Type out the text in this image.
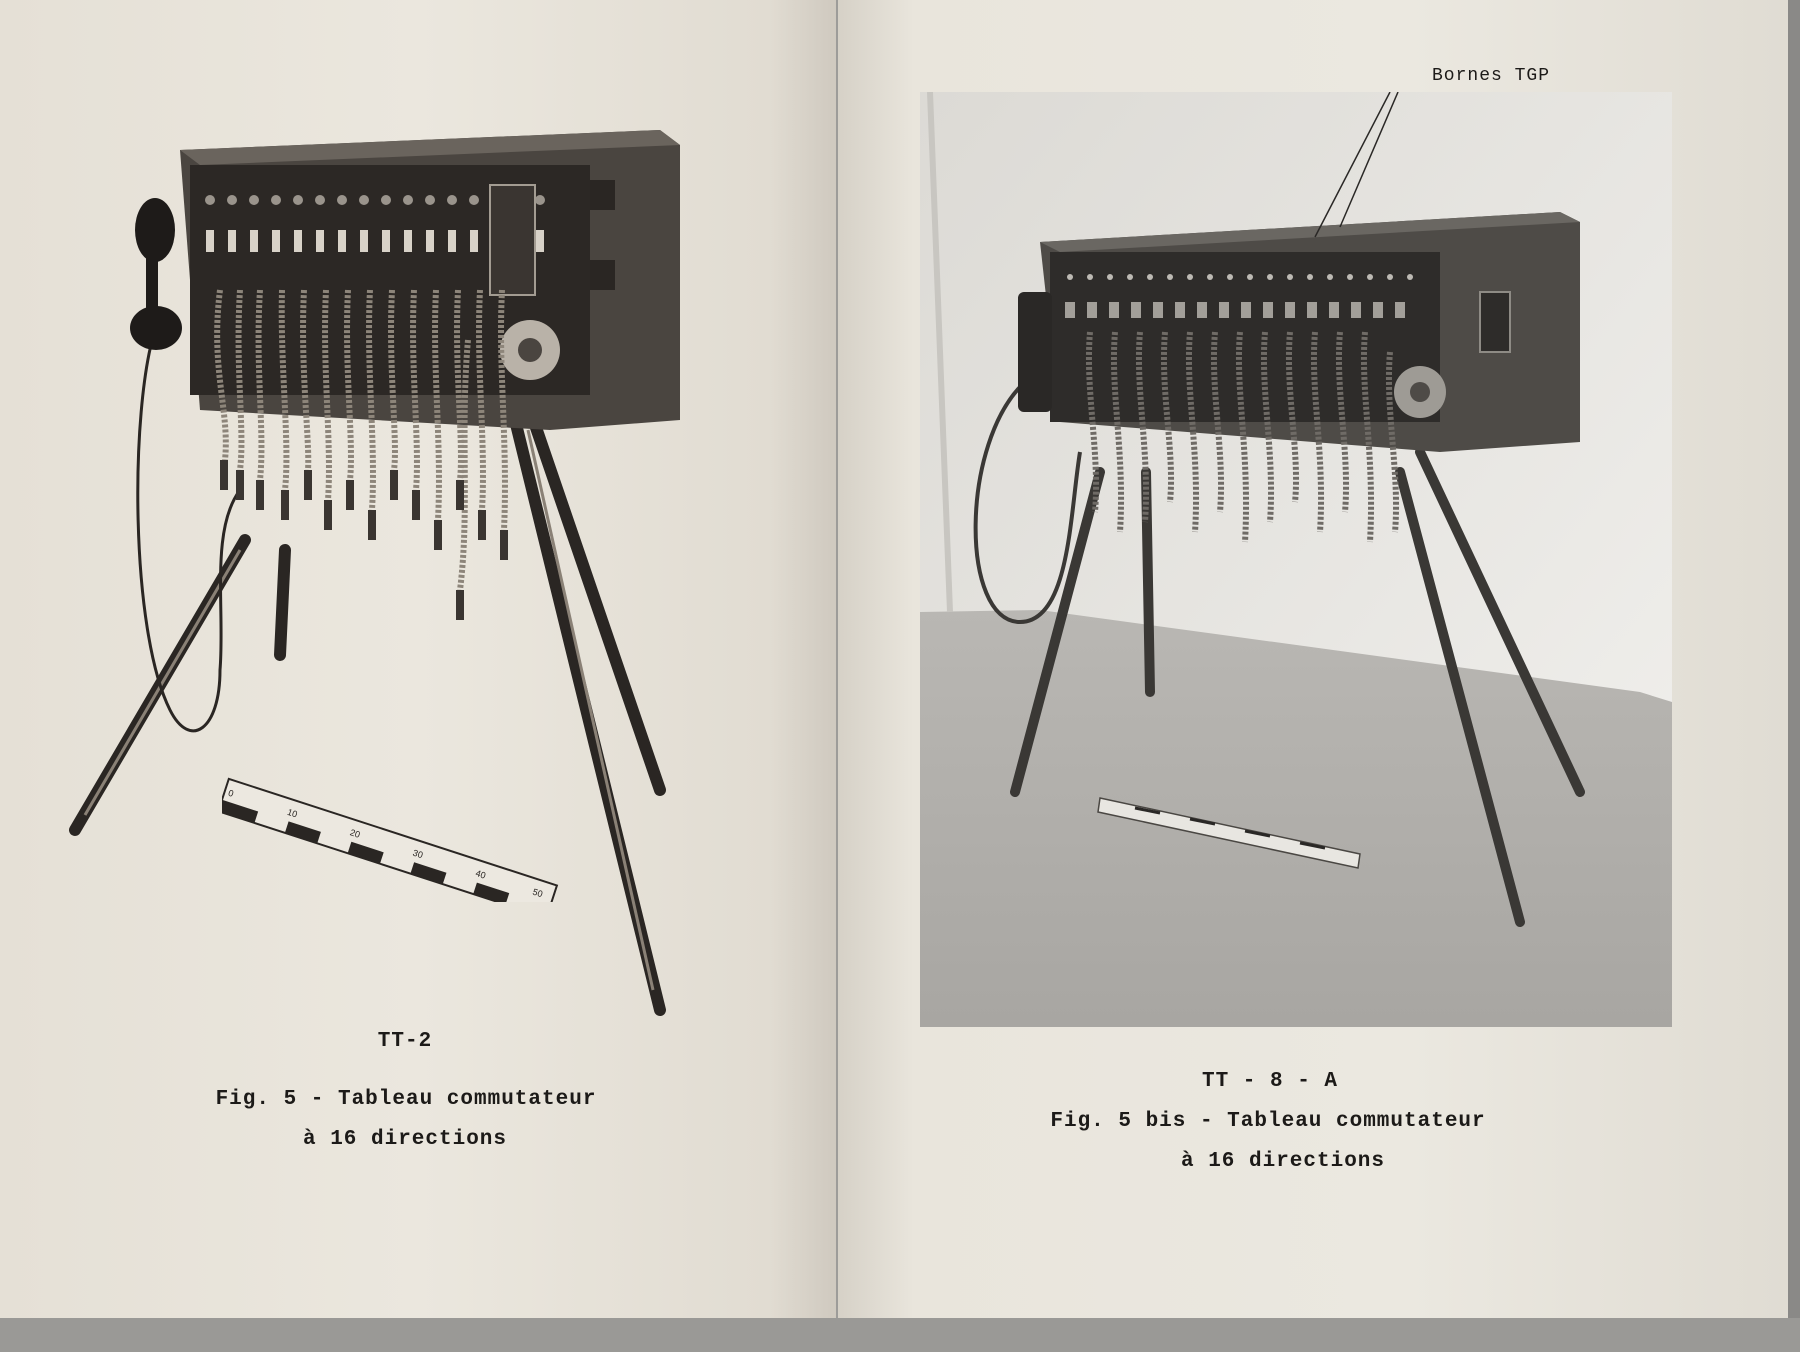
0
10
20
30
40
50
TT-2
Fig. 5 - Tableau commutateur
à 16 directions
Bornes TGP
TT - 8 - A
Fig. 5 bis - Tableau commutateur
à 16 directions
